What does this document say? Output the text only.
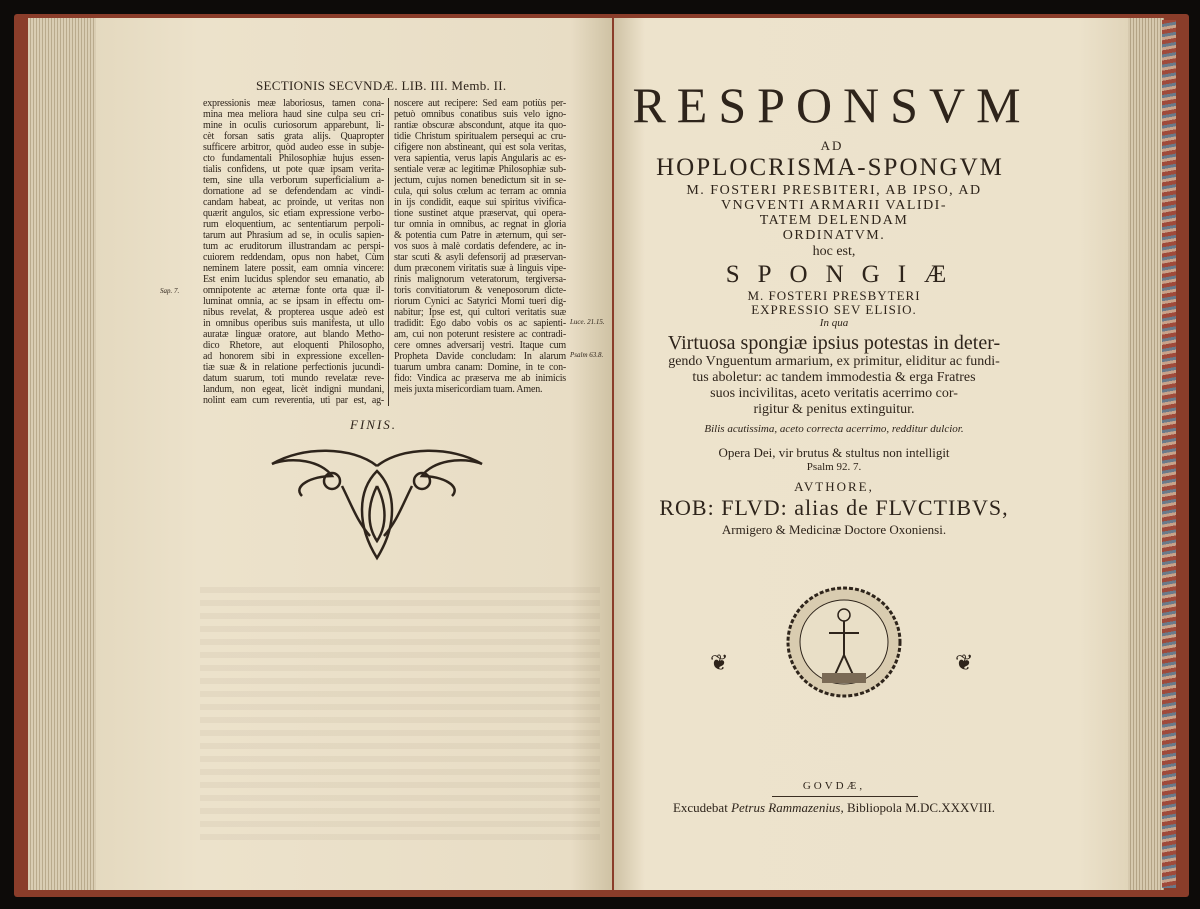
SECTIONIS SECVNDÆ. LIB. III. Memb. II.
expressionis meæ laboriosus, tamen cona-
mina mea meliora haud sine culpa seu cri-
mine in oculis curiosorum apparebunt, li-
cèt forsan satis grata alijs. Quapropter
sufficere arbitror, quòd audeo esse in subje-
cto fundamentali Philosophiæ hujus essen-
tialis confidens, ut pote quæ ipsam verita-
tem, sine ulla verborum superficialium a-
dornatione ad se defendendam ac vindi-
candam habeat, ac proinde, ut veritas non
quærit angulos, sic etiam expressione verbo-
rum eloquentium, ac sententiarum perpoli-
tarum aut Phrasium ad se, in oculis sapien-
tum ac eruditorum illustrandam ac perspi-
cuiorem reddendam, opus non habet, Cùm
neminem latere possit, eam omnia vincere:
Est enim lucidus splendor seu emanatio, ab
omnipotente ac æternæ fonte orta quæ il-
luminat omnia, ac se ipsam in effectu om-
nibus revelat, & propterea usque adeò est
in omnibus operibus suis manifesta, ut ullo
auratæ linguæ oratore, aut blando Metho-
dico Rhetore, aut eloquenti Philosopho,
ad honorem sibi in expressione excellen-
tiæ suæ & in relatione perfectionis jucundi-
datum suarum, toti mundo revelatæ reve-
landum, non egeat, licèt indigni mundani,
nolint eam cum reverentia, uti par est, ag-
noscere aut recipere: Sed eam potiùs per-
petuò omnibus conatibus suis velo igno-
rantiæ obscuræ abscondunt, atque ita quo-
tidie Christum spiritualem persequi ac cru-
cifigere non abstineant, qui est sola veritas,
vera sapientia, verus lapis Angularis ac es-
sentiale veræ ac legitimæ Philosophiæ sub-
jectum, cujus nomen benedictum sit in se-
cula, qui solus cœlum ac terram ac omnia
in ijs condidit, eaque sui spiritus vivifica-
tione sustinet atque præservat, qui opera-
tur omnia in omnibus, ac regnat in gloria
& potentia cum Patre in æternum, qui ser-
vos suos à malè cordatis defendere, ac in-
star scuti & asyli defensorij ad præservan-
dum præconem viritatis suæ à linguis vipe-
rinis malignorum veteratorum, tergiversa-
toris convitiatorum & veneposorum dicte-
riorum Cynici ac Satyrici Momi tueri dig-
nabitur; Ipse est, qui cultori veritatis suæ
tradidit: Ego dabo vobis os ac sapienti-
am, cui non poterunt resistere ac contradi-
cere omnes adversarij vestri. Itaque cum
Propheta Davide concludam: In alarum
tuarum umbra canam: Domine, in te con-
fido: Vindica ac præserva me ab inimicis
meis juxta misericordiam tuam. Amen.
Sap. 7.
Luce. 21.15.
Psalm 63.8.
FINIS.
RESPONSVM
AD
HOPLOCRISMA-SPONGVM
M. FOSTERI PRESBITERI, AB IPSO, AD
VNGVENTI ARMARII VALIDI-
TATEM DELENDAM
ORDINATVM.
hoc est,
SPONGIÆ
M. FOSTERI PRESBYTERI
EXPRESSIO SEV ELISIO.
In qua
Virtuosa spongiæ ipsius potestas in deter-
gendo Vnguentum armarium, ex primitur, eliditur ac fundi-
tus aboletur: ac tandem immodestia & erga Fratres
suos incivilitas, aceto veritatis acerrimo cor-
rigitur & penitus extinguitur.
Bilis acutissima, aceto correcta acerrimo, redditur dulcior.
Opera Dei, vir brutus & stultus non intelligit
Psalm 92. 7.
AVTHORE,
ROB: FLVD: alias de FLVCTIBVS,
Armigero & Medicinæ Doctore Oxoniensi.
❦	❦
GOVDÆ,
Excudebat Petrus Rammazenius, Bibliopola M.DC.XXXVIII.
